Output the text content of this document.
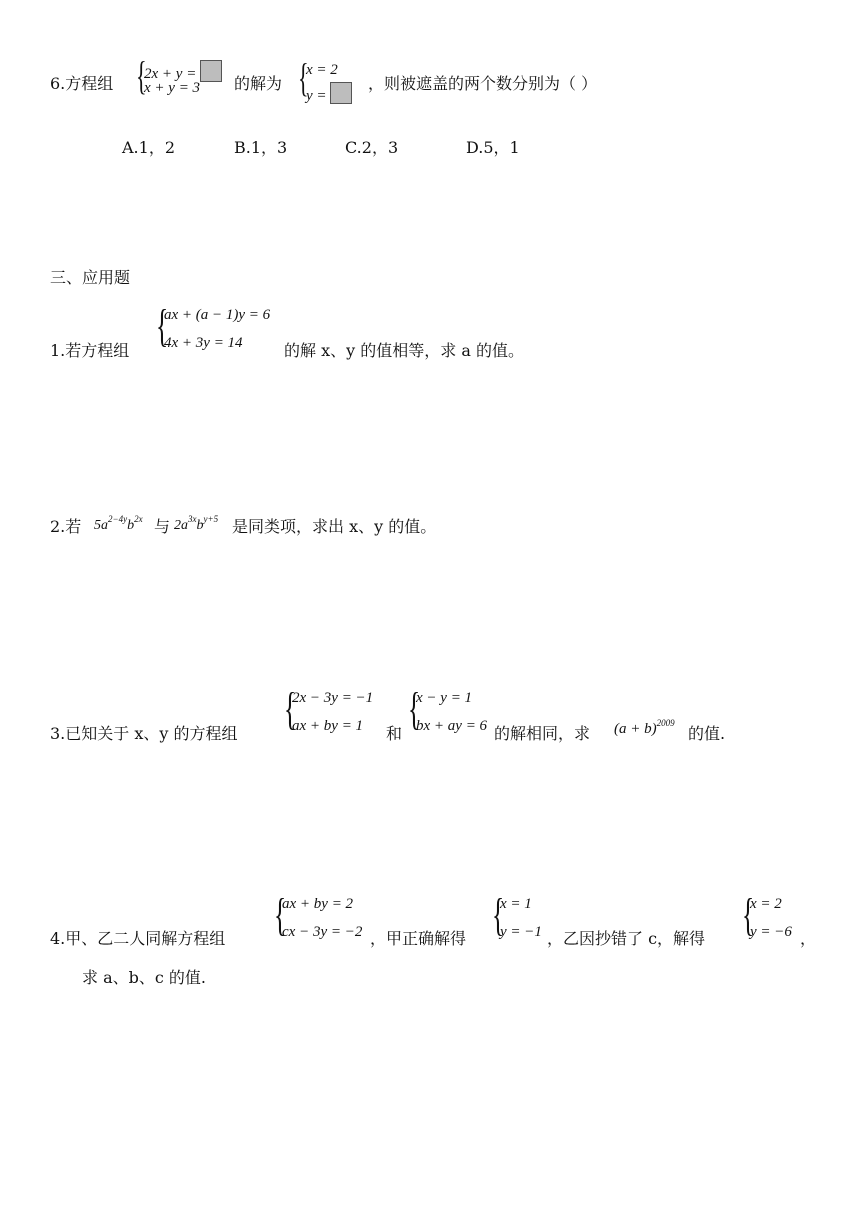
6.方程组 {
2x + y =
x + y = 3 的解为 {
x = 2
y =
，则被遮盖的两个数分别为（ ）
A.1，2	B.1，3	C.2，3	D.5，1
三、应用题
1.若方程组 {
ax + (a − 1)y = 6
4x + 3y = 14	的解 x、y 的值相等，求 a 的值。
2.若 $5a^{2-4y}b^{2x}$ 与 $2a^{3x}b^{y+5}$ 是同类项，求出 x、y 的值。
3.已知关于 x、y 的方程组 {
2x − 3y = −1
ax + by = 1 和 {
x − y = 1
bx + ay = 6 的解相同，求 $(a + b)^{2009}$
的值.
4.甲、乙二人同解方程组 {
ax + by = 2
cx − 3y = −2 ，甲正确解得 {
x = 1
y = −1 ，乙因抄错了 c，解得 {
x = 2
y = −6 ，
求 a、b、c 的值.
